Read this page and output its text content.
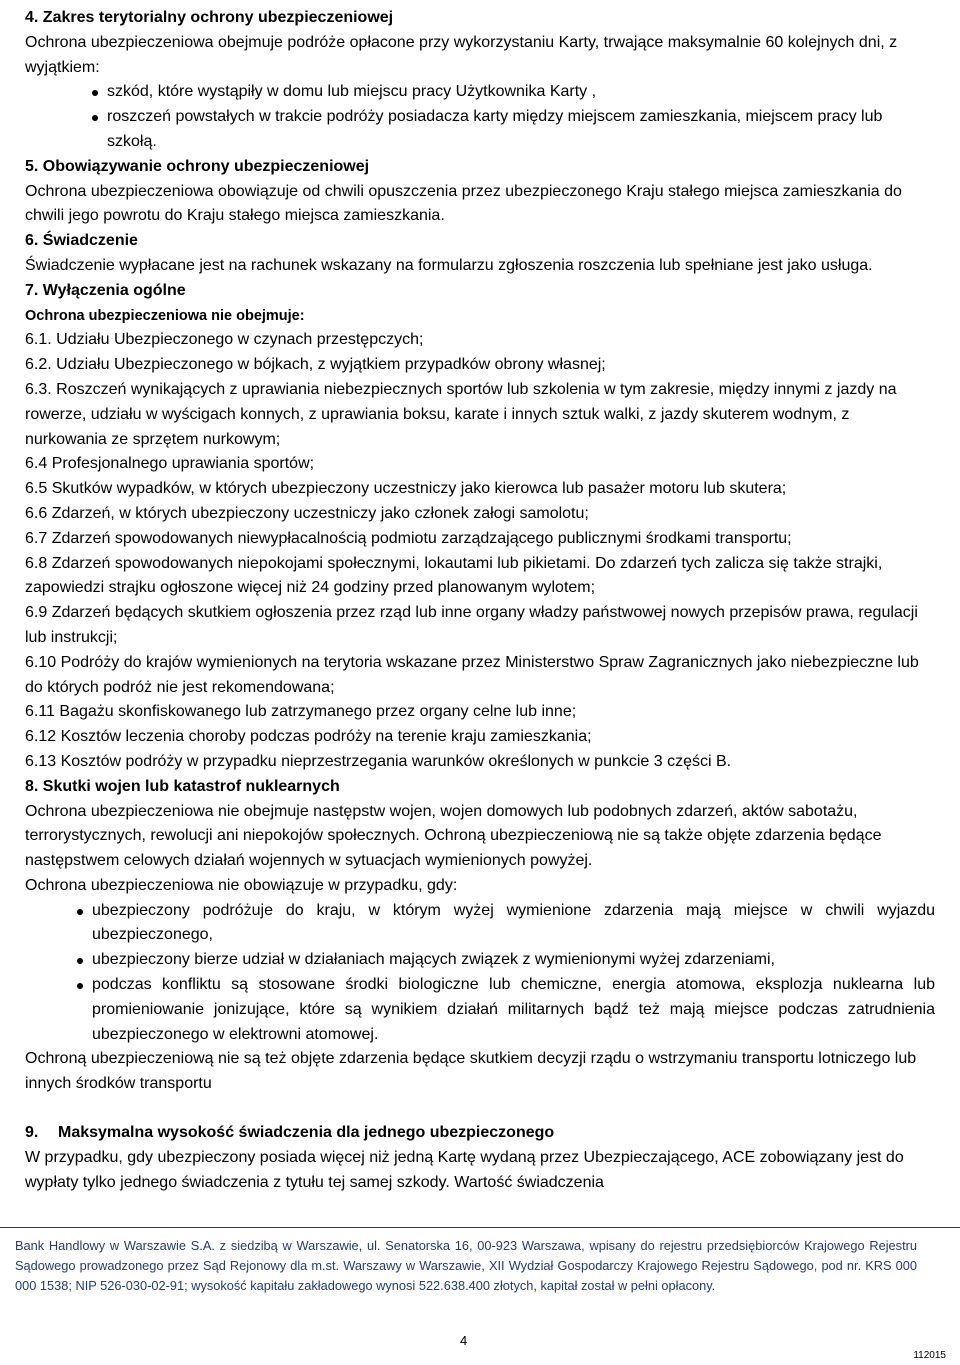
4. Zakres terytorialny ochrony ubezpieczeniowej

Ochrona ubezpieczeniowa obejmuje podróże opłacone przy wykorzystaniu Karty, trwające maksymalnie 60 kolejnych dni, z wyjątkiem:

szkód, które wystąpiły w domu lub miejscu pracy Użytkownika Karty ,
roszczeń powstałych w trakcie podróży posiadacza karty między miejscem zamieszkania, miejscem pracy lub szkołą.

5. Obowiązywanie ochrony ubezpieczeniowej

Ochrona ubezpieczeniowa obowiązuje od chwili opuszczenia przez ubezpieczonego Kraju stałego miejsca zamieszkania do chwili jego powrotu do Kraju stałego miejsca zamieszkania.

6. Świadczenie

Świadczenie wypłacane jest na rachunek wskazany na formularzu zgłoszenia roszczenia lub spełniane jest jako usługa.

7. Wyłączenia ogólne

Ochrona ubezpieczeniowa nie obejmuje:

6.1. Udziału Ubezpieczonego w czynach przestępczych;

6.2. Udziału Ubezpieczonego w bójkach, z wyjątkiem przypadków obrony własnej;

6.3. Roszczeń wynikających z uprawiania niebezpiecznych sportów lub szkolenia w tym zakresie, między innymi z jazdy na rowerze, udziału w wyścigach konnych, z uprawiania boksu, karate i innych sztuk walki, z jazdy skuterem wodnym, z nurkowania ze sprzętem nurkowym;

6.4 Profesjonalnego uprawiania sportów;

6.5 Skutków wypadków, w których ubezpieczony uczestniczy jako kierowca lub pasażer motoru lub skutera;

6.6 Zdarzeń, w których ubezpieczony uczestniczy jako członek załogi samolotu;

6.7 Zdarzeń spowodowanych niewypłacalnością podmiotu zarządzającego publicznymi środkami transportu;

6.8 Zdarzeń spowodowanych niepokojami społecznymi, lokautami lub pikietami. Do zdarzeń tych zalicza się także strajki, zapowiedzi strajku ogłoszone więcej niż 24 godziny przed planowanym wylotem;

6.9 Zdarzeń będących skutkiem ogłoszenia przez rząd lub inne organy władzy państwowej nowych przepisów prawa, regulacji lub instrukcji;

6.10 Podróży do krajów wymienionych na terytoria wskazane przez Ministerstwo Spraw Zagranicznych jako niebezpieczne lub do których podróż nie jest rekomendowana;

6.11 Bagażu skonfiskowanego lub zatrzymanego przez organy celne lub inne;

6.12 Kosztów leczenia choroby podczas podróży na terenie kraju zamieszkania;

6.13 Kosztów podróży w przypadku nieprzestrzegania warunków określonych w punkcie 3 części B.

8. Skutki wojen lub katastrof nuklearnych

Ochrona ubezpieczeniowa nie obejmuje następstw wojen, wojen domowych lub podobnych zdarzeń, aktów sabotażu, terrorystycznych, rewolucji ani niepokojów społecznych. Ochroną ubezpieczeniową nie są także objęte zdarzenia będące następstwem celowych działań wojennych w sytuacjach wymienionych powyżej.

Ochrona ubezpieczeniowa nie obowiązuje w przypadku, gdy:

ubezpieczony podróżuje do kraju, w którym wyżej wymienione zdarzenia mają miejsce w chwili wyjazdu ubezpieczonego,
ubezpieczony bierze udział w działaniach mających związek z wymienionymi wyżej zdarzeniami,
podczas konfliktu są stosowane środki biologiczne lub chemiczne, energia atomowa, eksplozja nuklearna lub promieniowanie jonizujące, które są wynikiem działań militarnych bądź też mają miejsce podczas zatrudnienia ubezpieczonego w elektrowni atomowej.

Ochroną ubezpieczeniową nie są też objęte zdarzenia będące skutkiem decyzji rządu o wstrzymaniu transportu lotniczego lub innych środków transportu

9. Maksymalna wysokość świadczenia dla jednego ubezpieczonego

W przypadku, gdy ubezpieczony posiada więcej niż jedną Kartę wydaną przez Ubezpieczającego, ACE zobowiązany jest do wypłaty tylko jednego świadczenia z tytułu tej samej szkody. Wartość świadczenia

Bank Handlowy w Warszawie S.A. z siedzibą w Warszawie, ul. Senatorska 16, 00-923 Warszawa, wpisany do rejestru przedsiębiorców Krajowego Rejestru Sądowego prowadzonego przez Sąd Rejonowy dla m.st. Warszawy w Warszawie, XII Wydział Gospodarczy Krajowego Rejestru Sądowego, pod nr. KRS 000 000 1538; NIP 526-030-02-91; wysokość kapitału zakładowego wynosi 522.638.400 złotych, kapitał został w pełni opłacony.
4
112015
